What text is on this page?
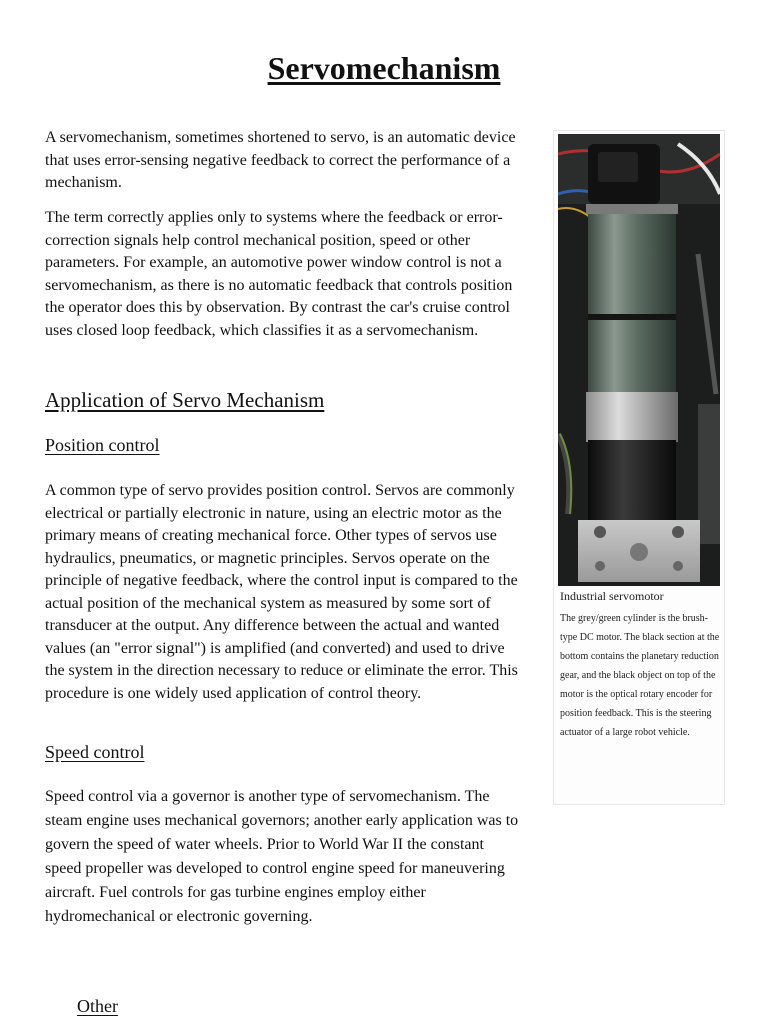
Servomechanism

A servomechanism, sometimes shortened to servo, is an automatic device that uses error-sensing negative feedback to correct the performance of a mechanism.

The term correctly applies only to systems where the feedback or error-correction signals help control mechanical position, speed or other parameters. For example, an automotive power window control is not a servomechanism, as there is no automatic feedback that controls position the operator does this by observation. By contrast the car's cruise control uses closed loop feedback, which classifies it as a servomechanism.

Application of Servo Mechanism
Position control

A common type of servo provides position control. Servos are commonly electrical or partially electronic in nature, using an electric motor as the primary means of creating mechanical force. Other types of servos use hydraulics, pneumatics, or magnetic principles. Servos operate on the principle of negative feedback, where the control input is compared to the actual position of the mechanical system as measured by some sort of transducer at the output. Any difference between the actual and wanted values (an "error signal") is amplified (and converted) and used to drive the system in the direction necessary to reduce or eliminate the error. This procedure is one widely used application of control theory.

Speed control

Speed control via a governor is another type of servomechanism. The steam engine uses mechanical governors; another early application was to govern the speed of water wheels. Prior to World War II the constant speed propeller was developed to control engine speed for maneuvering aircraft. Fuel controls for gas turbine engines employ either hydromechanical or electronic governing.

Other

Industrial servomotor

The grey/green cylinder is the brush-type DC motor. The black section at the bottom contains the planetary reduction gear, and the black object on top of the motor is the optical rotary encoder for position feedback. This is the steering actuator of a large robot vehicle.
